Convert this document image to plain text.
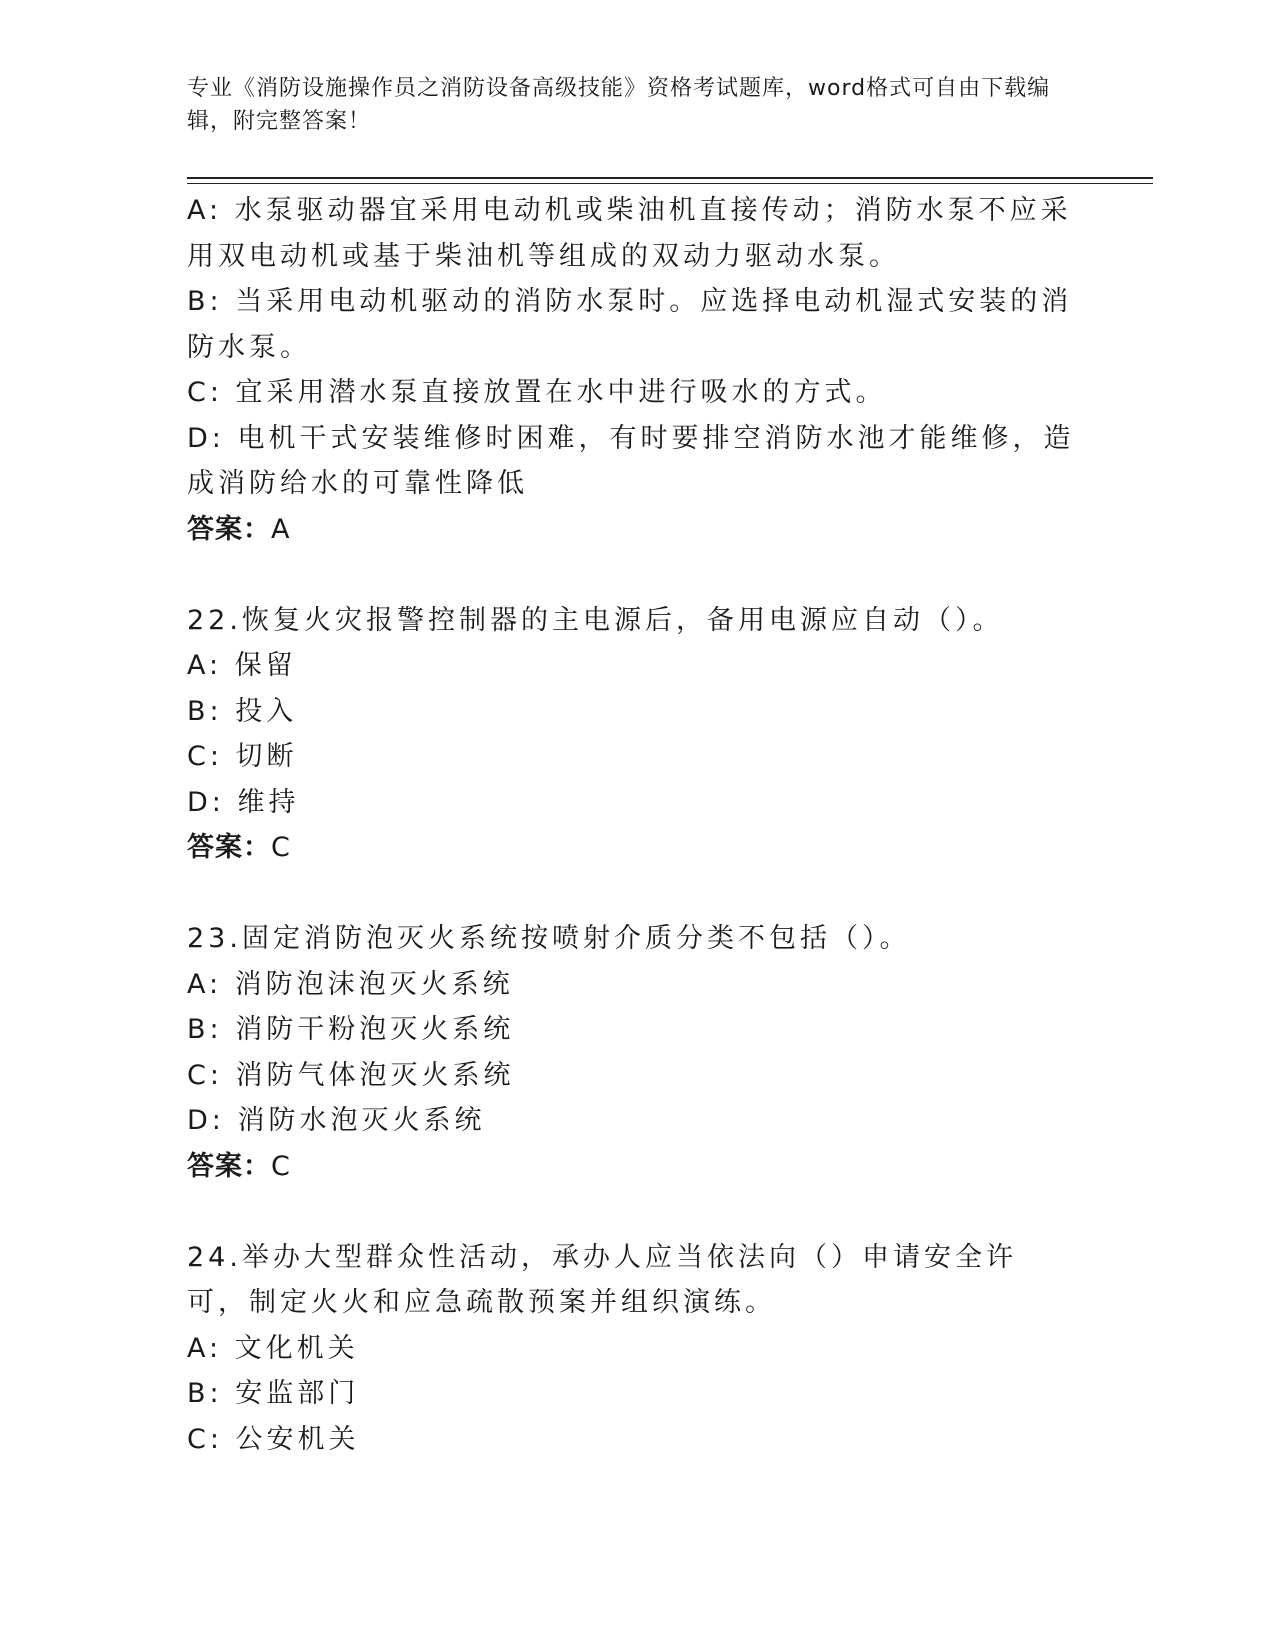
专业《消防设施操作员之消防设备高级技能》资格考试题库，word格式可自由下载编辑，附完整答案！
A: 水泵驱动器宜采用电动机或柴油机直接传动；消防水泵不应采用双电动机或基于柴油机等组成的双动力驱动水泵。
B: 当采用电动机驱动的消防水泵时。应选择电动机湿式安装的消防水泵。
C: 宜采用潜水泵直接放置在水中进行吸水的方式。
D: 电机干式安装维修时困难，有时要排空消防水池才能维修，造成消防给水的可靠性降低
答案：A
22.恢复火灾报警控制器的主电源后，备用电源应自动（）。
A: 保留
B: 投入
C: 切断
D: 维持
答案：C
23.固定消防泡灭火系统按喷射介质分类不包括（）。
A: 消防泡沫泡灭火系统
B: 消防干粉泡灭火系统
C: 消防气体泡灭火系统
D: 消防水泡灭火系统
答案：C
24.举办大型群众性活动，承办人应当依法向（）申请安全许可，制定火火和应急疏散预案并组织演练。
A: 文化机关
B: 安监部门
C: 公安机关
